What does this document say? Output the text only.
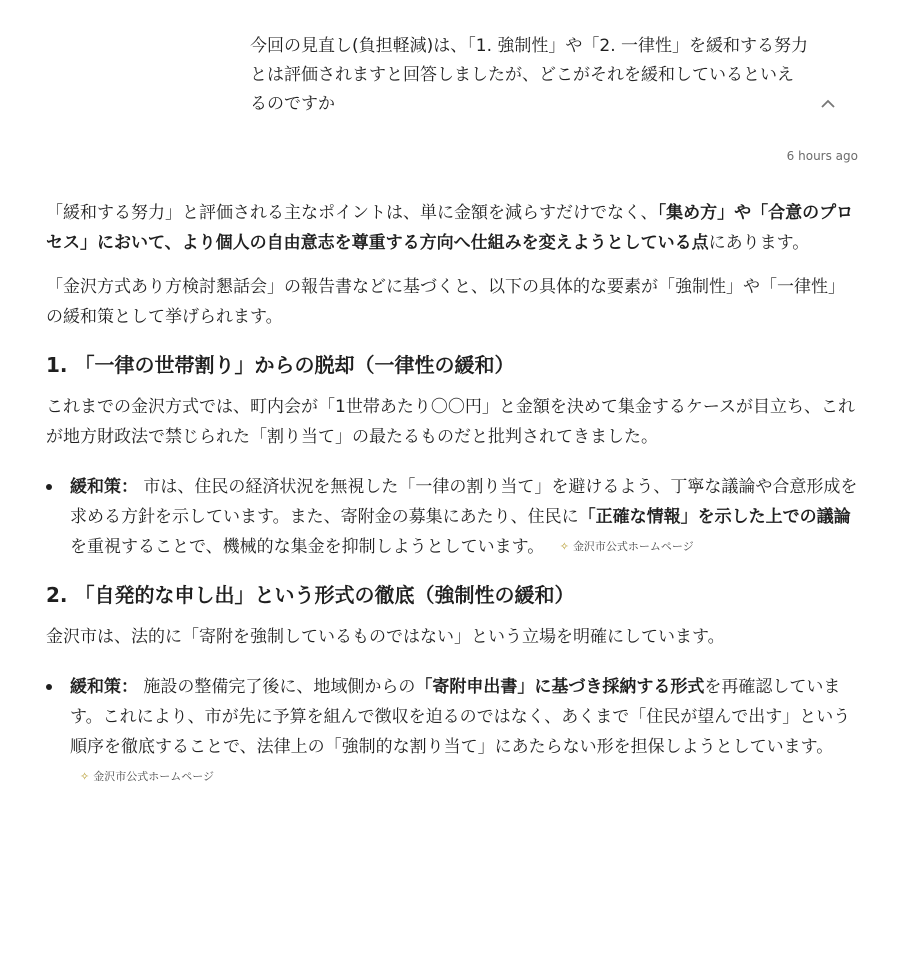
今回の見直し(負担軽減)は、「1. 強制性」や「2. 一律性」を緩和する努力とは評価されますと回答しましたが、どこがそれを緩和しているといえるのですか

6 hours ago

「緩和する努力」と評価される主なポイントは、単に金額を減らすだけでなく、「集め方」や「合意のプロセス」において、より個人の自由意志を尊重する方向へ仕組みを変えようとしている点にあります。

「金沢方式あり方検討懇話会」の報告書などに基づくと、以下の具体的な要素が「強制性」や「一律性」の緩和策として挙げられます。

1. 「一律の世帯割り」からの脱却（一律性の緩和）

これまでの金沢方式では、町内会が「1世帯あたり〇〇円」と金額を決めて集金するケースが目立ち、これが地方財政法で禁じられた「割り当て」の最たるものだと批判されてきました。

緩和策： 市は、住民の経済状況を無視した「一律の割り当て」を避けるよう、丁寧な議論や合意形成を求める方針を示しています。また、寄附金の募集にあたり、住民に「正確な情報」を示した上での議論を重視することで、機械的な集金を抑制しようとしています。 ✧ 金沢市公式ホームページ
2. 「自発的な申し出」という形式の徹底（強制性の緩和）

金沢市は、法的に「寄附を強制しているものではない」という立場を明確にしています。

緩和策： 施設の整備完了後に、地域側からの「寄附申出書」に基づき採納する形式を再確認しています。これにより、市が先に予算を組んで徴収を迫るのではなく、あくまで「住民が望んで出す」という順序を徹底することで、法律上の「強制的な割り当て」にあたらない形を担保しようとしています。
✧ 金沢市公式ホームページ
